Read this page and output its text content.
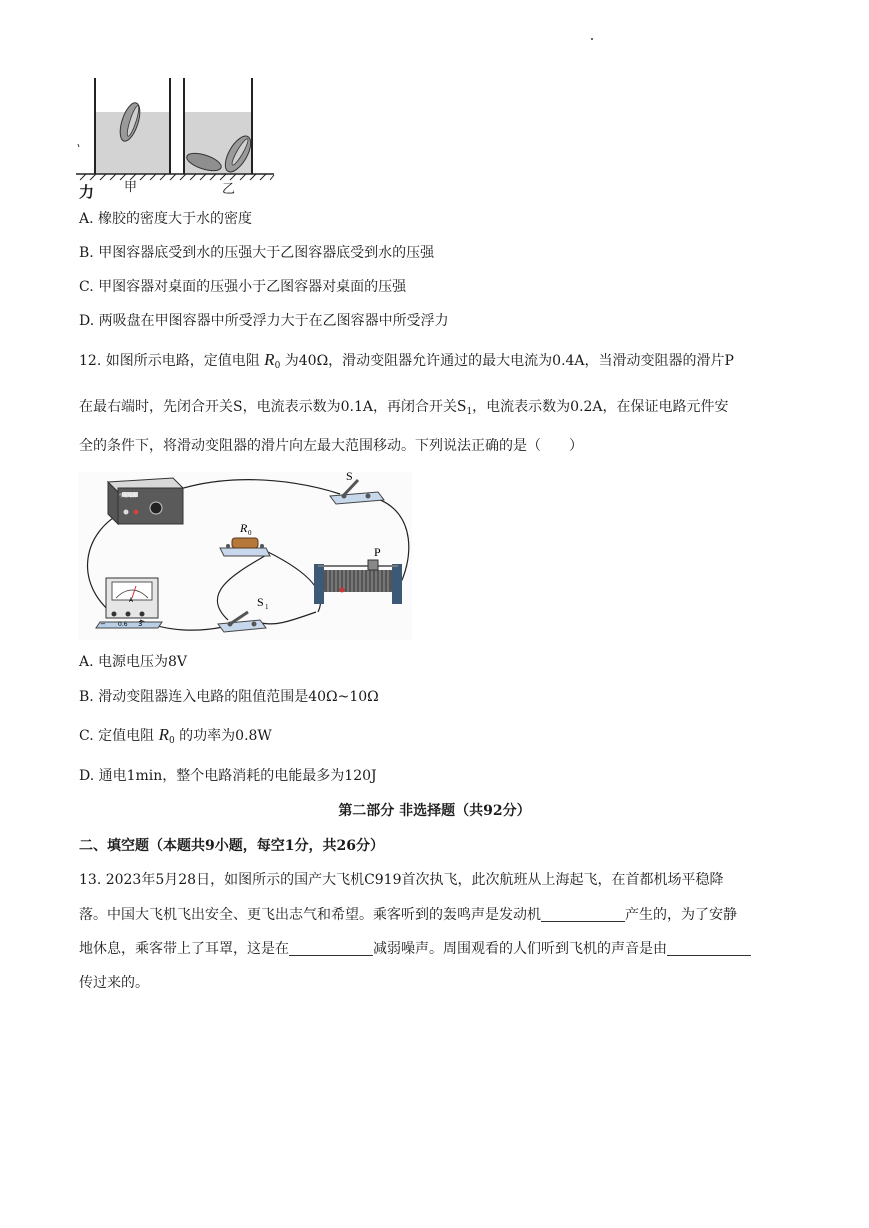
力 甲	乙
A. 橡胶的密度大于水的密度
B. 甲图容器底受到水的压强大于乙图容器底受到水的压强
C. 甲图容器对桌面的压强小于乙图容器对桌面的压强
D. 两吸盘在甲图容器中所受浮力大于在乙图容器中所受浮力
12. 如图所示电路，定值电阻 $R_0$ 为40Ω，滑动变阻器允许通过的最大电流为0.4A，当滑动变阻器的滑片P
在最右端时，先闭合开关S，电流表示数为0.1A，再闭合开关$S_1$，电流表示数为0.2A，在保证电路元件安
全的条件下，将滑动变阻器的滑片向左最大范围移动。下列说法正确的是（　　）
学生电源
S
R 0
P
A
− 0.6 3
S 1
A. 电源电压为8V
B. 滑动变阻器连入电路的阻值范围是40Ω~10Ω
C. 定值电阻 $R_0$ 的功率为0.8W
D. 通电1min，整个电路消耗的电能最多为120J
第二部分 非选择题（共92分）
二、填空题（本题共9小题，每空1分，共26分）
13. 2023年5月28日，如图所示的国产大飞机C919首次执飞，此次航班从上海起飞，在首都机场平稳降
落。中国大飞机飞出安全、更飞出志气和希望。乘客听到的轰鸣声是发动机	产生的，为了安静
地休息，乘客带上了耳罩，这是在	减弱噪声。周围观看的人们听到飞机的声音是由
传过来的。
